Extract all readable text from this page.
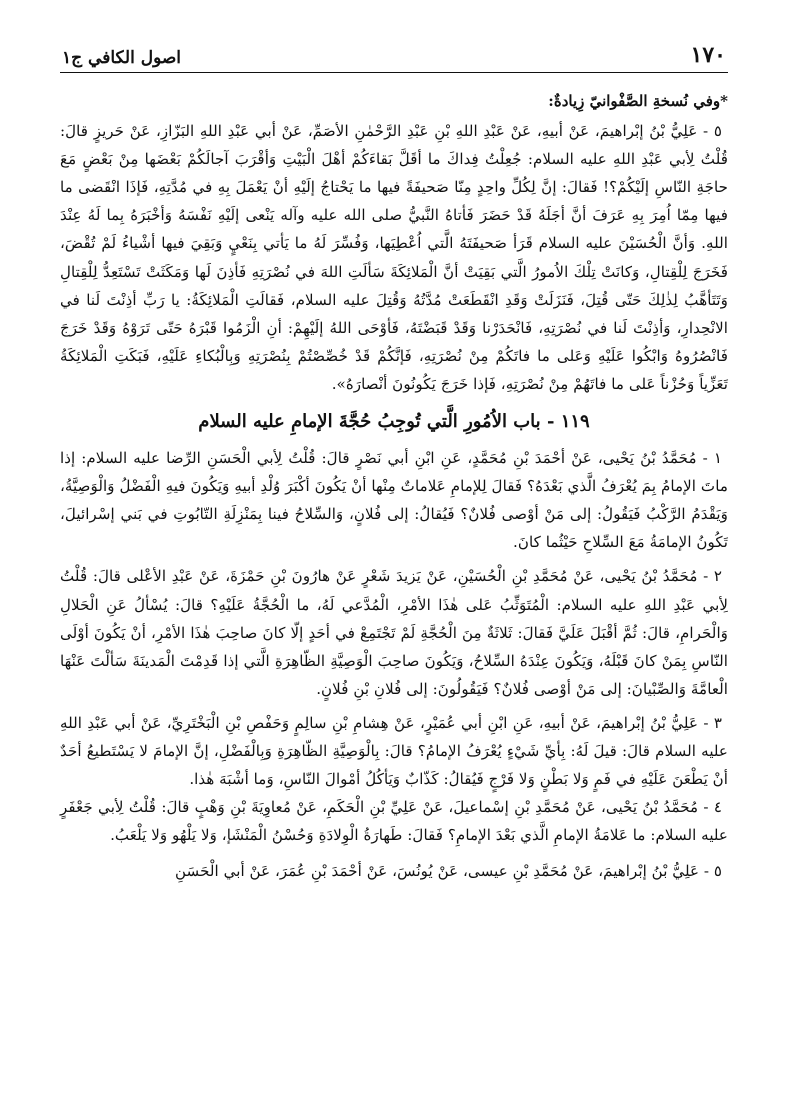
١٧٠
اصول الكافي ج١

*وفي نُسخةِ الصَّفْوانيّ زِيادةٌ:

٥ - عَلِيُّ بْنُ إبْراهيمَ، عَنْ أبيهِ، عَنْ عَبْدِ اللهِ بْنِ عَبْدِ الرَّحْمٰنِ الأصَمِّ، عَنْ أبي عَبْدِ اللهِ البَزّازِ، عَنْ حَريزٍ قالَ: قُلْتُ لِأبي عَبْدِ اللهِ عليه السلام: جُعِلْتُ فِداكَ ما أقَلَّ بَقاءَكُمْ أهْلَ الْبَيْتِ وَأقْرَبَ آجالَكُمْ بَعْضَها مِنْ بَعْضٍ مَعَ حاجَةِ النّاسِ إلَيْكُمْ؟! فَقالَ: إنَّ لِكُلِّ واحِدٍ مِنّا صَحيفَةً فيها ما يَحْتاجُ إلَيْهِ أنْ يَعْمَلَ بِهِ في مُدَّتِهِ، فَإذَا انْقَضى ما فيها مِمّا اُمِرَ بِهِ عَرَفَ أنَّ أجَلَهُ قَدْ حَضَرَ فَأتاهُ النَّبيُّ صلى الله عليه وآله يَنْعى إلَيْهِ نَفْسَهُ وَأخْبَرَهُ بِما لَهُ عِنْدَ اللهِ. وَأنَّ الْحُسَيْنَ عليه السلام قَرَأ صَحيفَتَهُ الَّتي اُعْطِيَها، وَفُسِّرَ لَهُ ما يَأتي بِنَعْيٍ وَبَقِيَ فيها أشْياءُ لَمْ تُقْضَ، فَخَرَجَ لِلْقِتالِ، وَكانَتْ تِلْكَ الاُمورُ الَّتي بَقِيَتْ أنَّ الْمَلائِكَةَ سَألَتِ اللهَ في نُصْرَتِهِ فَأذِنَ لَها وَمَكَثَتْ تَسْتَعِدُّ لِلْقِتالِ وَتَتَأهَّبُ لِذٰلِكَ حَتّى قُتِلَ، فَنَزَلَتْ وَقَدِ انْقَطَعَتْ مُدَّتُهُ وَقُتِلَ عليه السلام، فَقالَتِ الْمَلائِكَةُ: يا رَبِّ أذِنْتَ لَنا في الانْحِدارِ، وَأذِنْتَ لَنا في نُصْرَتِهِ، فَانْحَدَرْنا وَقَدْ قَبَضْتَهُ، فَأوْحَى اللهُ إلَيْهِمْ: أنِ الْزَمُوا قَبْرَهُ حَتّى تَرَوْهُ وَقَدْ خَرَجَ فَانْصُرُوهُ وَابْكُوا عَلَيْهِ وَعَلى ما فاتَكُمْ مِنْ نُصْرَتِهِ، فَإنَّكُمْ قَدْ خُصِّصْتُمْ بِنُصْرَتِهِ وَبِالْبُكاءِ عَلَيْهِ، فَبَكَتِ الْمَلائِكَةُ تَعَزِّياً وَحُزْناً عَلى ما فاتَهُمْ مِنْ نُصْرَتِهِ، فَإذا خَرَجَ يَكُونُونَ أنْصارَهُ».

١١٩ - باب الاُمُورِ الَّتي تُوجِبُ حُجَّةَ الإمامِ عليه السلام

١ - مُحَمَّدُ بْنُ يَحْيى، عَنْ أحْمَدَ بْنِ مُحَمَّدٍ، عَنِ ابْنِ أبي نَصْرٍ قالَ: قُلْتُ لِأبي الْحَسَنِ الرِّضا عليه السلام: إذا ماتَ الإمامُ بِمَ يُعْرَفُ الَّذي بَعْدَهُ؟ فَقالَ لِلإمامِ عَلاماتٌ مِنْها أنْ يَكُونَ أكْبَرَ وُلْدِ أبيهِ وَيَكُونَ فيهِ الْفَضْلُ وَالْوَصِيَّةُ، وَيَقْدَمُ الرَّكْبُ فَيَقُولُ: إلى مَنْ أوْصى فُلانٌ؟ فَيُقالُ: إلى فُلانٍ، وَالسِّلاحُ فينا بِمَنْزِلَةِ التّابُوتِ في بَني إسْرائيلَ، تَكُونُ الإمامَةُ مَعَ السِّلاحِ حَيْثُما كانَ.

٢ - مُحَمَّدُ بْنُ يَحْيى، عَنْ مُحَمَّدِ بْنِ الْحُسَيْنِ، عَنْ يَزيدَ شَعْرٍ عَنْ هارُونَ بْنِ حَمْزَةَ، عَنْ عَبْدِ الأعْلى قالَ: قُلْتُ لِأبي عَبْدِ اللهِ عليه السلام: الْمُتَوَثِّبُ عَلى هٰذَا الأمْرِ، الْمُدَّعي لَهُ، ما الْحُجَّةُ عَلَيْهِ؟ قالَ: يُسْألُ عَنِ الْحَلالِ وَالْحَرامِ، قالَ: ثُمَّ أقْبَلَ عَلَيَّ فَقالَ: ثَلاثَةٌ مِنَ الْحُجَّةِ لَمْ تَجْتَمِعْ في أحَدٍ إلّا كانَ صاحِبَ هٰذَا الأمْرِ، أنْ يَكُونَ أوْلَى النّاسِ بِمَنْ كانَ قَبْلَهُ، وَيَكُونَ عِنْدَهُ السِّلاحُ، وَيَكُونَ صاحِبَ الْوَصِيَّةِ الظّاهِرَةِ الَّتي إذا قَدِمْتَ الْمَدينَةَ سَألْتَ عَنْهَا الْعامَّةَ وَالصِّبْيانَ: إلى مَنْ أوْصى فُلانٌ؟ فَيَقُولُونَ: إلى فُلانِ بْنِ فُلانٍ.

٣ - عَلِيُّ بْنُ إبْراهيمَ، عَنْ أبيهِ، عَنِ ابْنِ أبي عُمَيْرٍ، عَنْ هِشامِ بْنِ سالِمٍ وَحَفْصِ بْنِ الْبَخْتَرِيِّ، عَنْ أبي عَبْدِ اللهِ عليه السلام قالَ: قيلَ لَهُ: بِأيِّ شَيْءٍ يُعْرَفُ الإمامُ؟ قالَ: بِالْوَصِيَّةِ الظّاهِرَةِ وَبِالْفَضْلِ، إنَّ الإمامَ لا يَسْتَطيعُ أحَدٌ أنْ يَطْعَنَ عَلَيْهِ في فَمٍ وَلا بَطْنٍ وَلا فَرْجٍ فَيُقالُ: كَذّابٌ وَيَأكُلُ أمْوالَ النّاسِ، وَما أشْبَهَ هٰذا.

٤ - مُحَمَّدُ بْنُ يَحْيى، عَنْ مُحَمَّدِ بْنِ إسْماعيلَ، عَنْ عَلِيِّ بْنِ الْحَكَمِ، عَنْ مُعاوِيَةَ بْنِ وَهْبٍ قالَ: قُلْتُ لِأبي جَعْفَرٍ عليه السلام: ما عَلامَةُ الإمامِ الَّذي بَعْدَ الإمامِ؟ فَقالَ: طَهارَةُ الْوِلادَةِ وَحُسْنُ الْمَنْشَإ، وَلا يَلْهُو وَلا يَلْعَبُ.

٥ - عَلِيُّ بْنُ إبْراهيمَ، عَنْ مُحَمَّدِ بْنِ عيسى، عَنْ يُونُسَ، عَنْ أحْمَدَ بْنِ عُمَرَ، عَنْ أبي الْحَسَنِ
